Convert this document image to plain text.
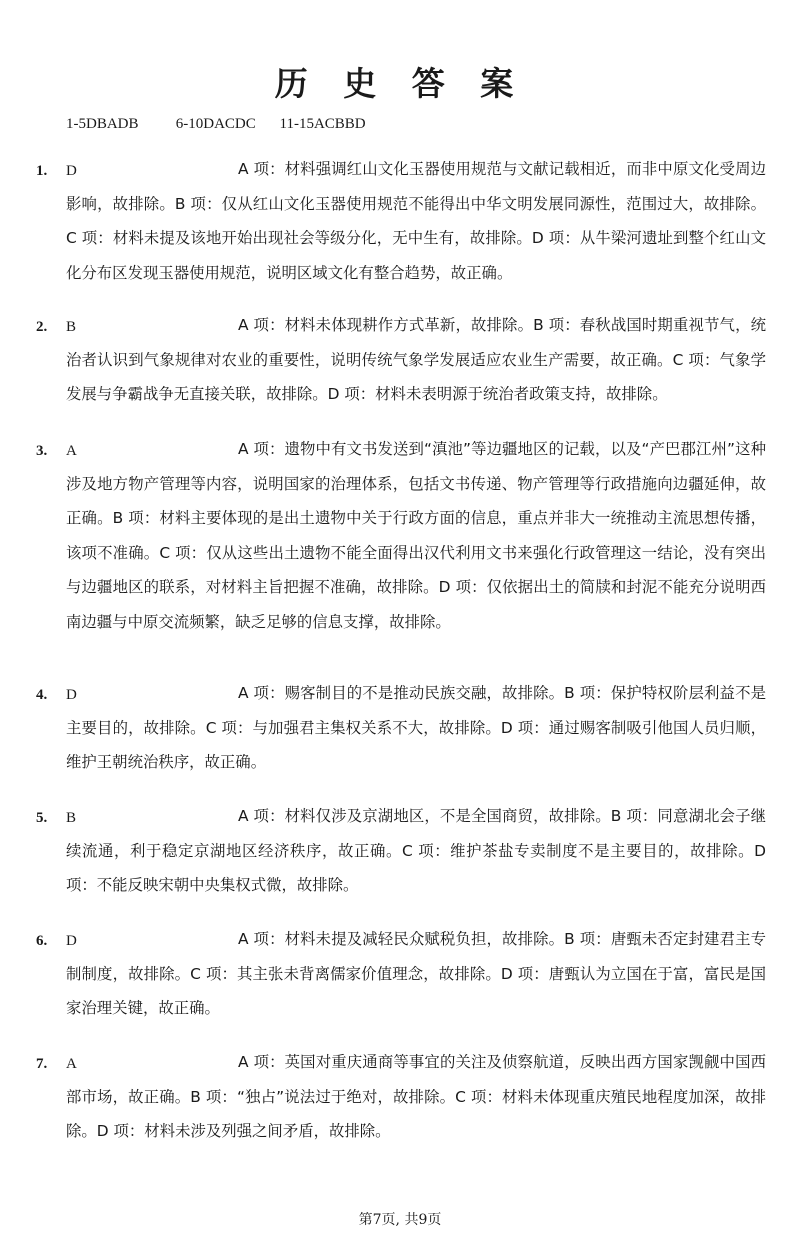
历 史 答 案
1-5DBADB 6-10DACDC 11-15ACBBD
1. D	A 项：材料强调红山文化玉器使用规范与文献记载相近，而非中原文化受周边影响，故排除。B 项：仅从红山文化玉器使用规范不能得出中华文明发展同源性，范围过大，故排除。C 项：材料未提及该地开始出现社会等级分化，无中生有，故排除。D 项：从牛梁河遗址到整个红山文化分布区发现玉器使用规范，说明区域文化有整合趋势，故正确。
2. B	A 项：材料未体现耕作方式革新，故排除。B 项：春秋战国时期重视节气，统治者认识到气象规律对农业的重要性，说明传统气象学发展适应农业生产需要，故正确。C 项：气象学发展与争霸战争无直接关联，故排除。D 项：材料未表明源于统治者政策支持，故排除。
3. A	A 项：遗物中有文书发送到“滇池”等边疆地区的记载，以及“产巴郡江州”这种涉及地方物产管理等内容，说明国家的治理体系，包括文书传递、物产管理等行政措施向边疆延伸，故正确。B 项：材料主要体现的是出土遗物中关于行政方面的信息，重点并非大一统推动主流思想传播，该项不准确。C 项：仅从这些出土遗物不能全面得出汉代利用文书来强化行政管理这一结论，没有突出与边疆地区的联系，对材料主旨把握不准确，故排除。D 项：仅依据出土的简牍和封泥不能充分说明西南边疆与中原交流频繁，缺乏足够的信息支撑，故排除。
4. D	A 项：赐客制目的不是推动民族交融，故排除。B 项：保护特权阶层利益不是主要目的，故排除。C 项：与加强君主集权关系不大，故排除。D 项：通过赐客制吸引他国人员归顺，维护王朝统治秩序，故正确。
5. B	A 项：材料仅涉及京湖地区，不是全国商贸，故排除。B 项：同意湖北会子继续流通，利于稳定京湖地区经济秩序，故正确。C 项：维护茶盐专卖制度不是主要目的，故排除。D 项：不能反映宋朝中央集权式微，故排除。
6. D	A 项：材料未提及减轻民众赋税负担，故排除。B 项：唐甄未否定封建君主专制制度，故排除。C 项：其主张未背离儒家价值理念，故排除。D 项：唐甄认为立国在于富，富民是国家治理关键，故正确。
7. A	A 项：英国对重庆通商等事宜的关注及侦察航道，反映出西方国家觊觎中国西部市场，故正确。B 项：“独占”说法过于绝对，故排除。C 项：材料未体现重庆殖民地程度加深，故排除。D 项：材料未涉及列强之间矛盾，故排除。
第7页, 共9页
